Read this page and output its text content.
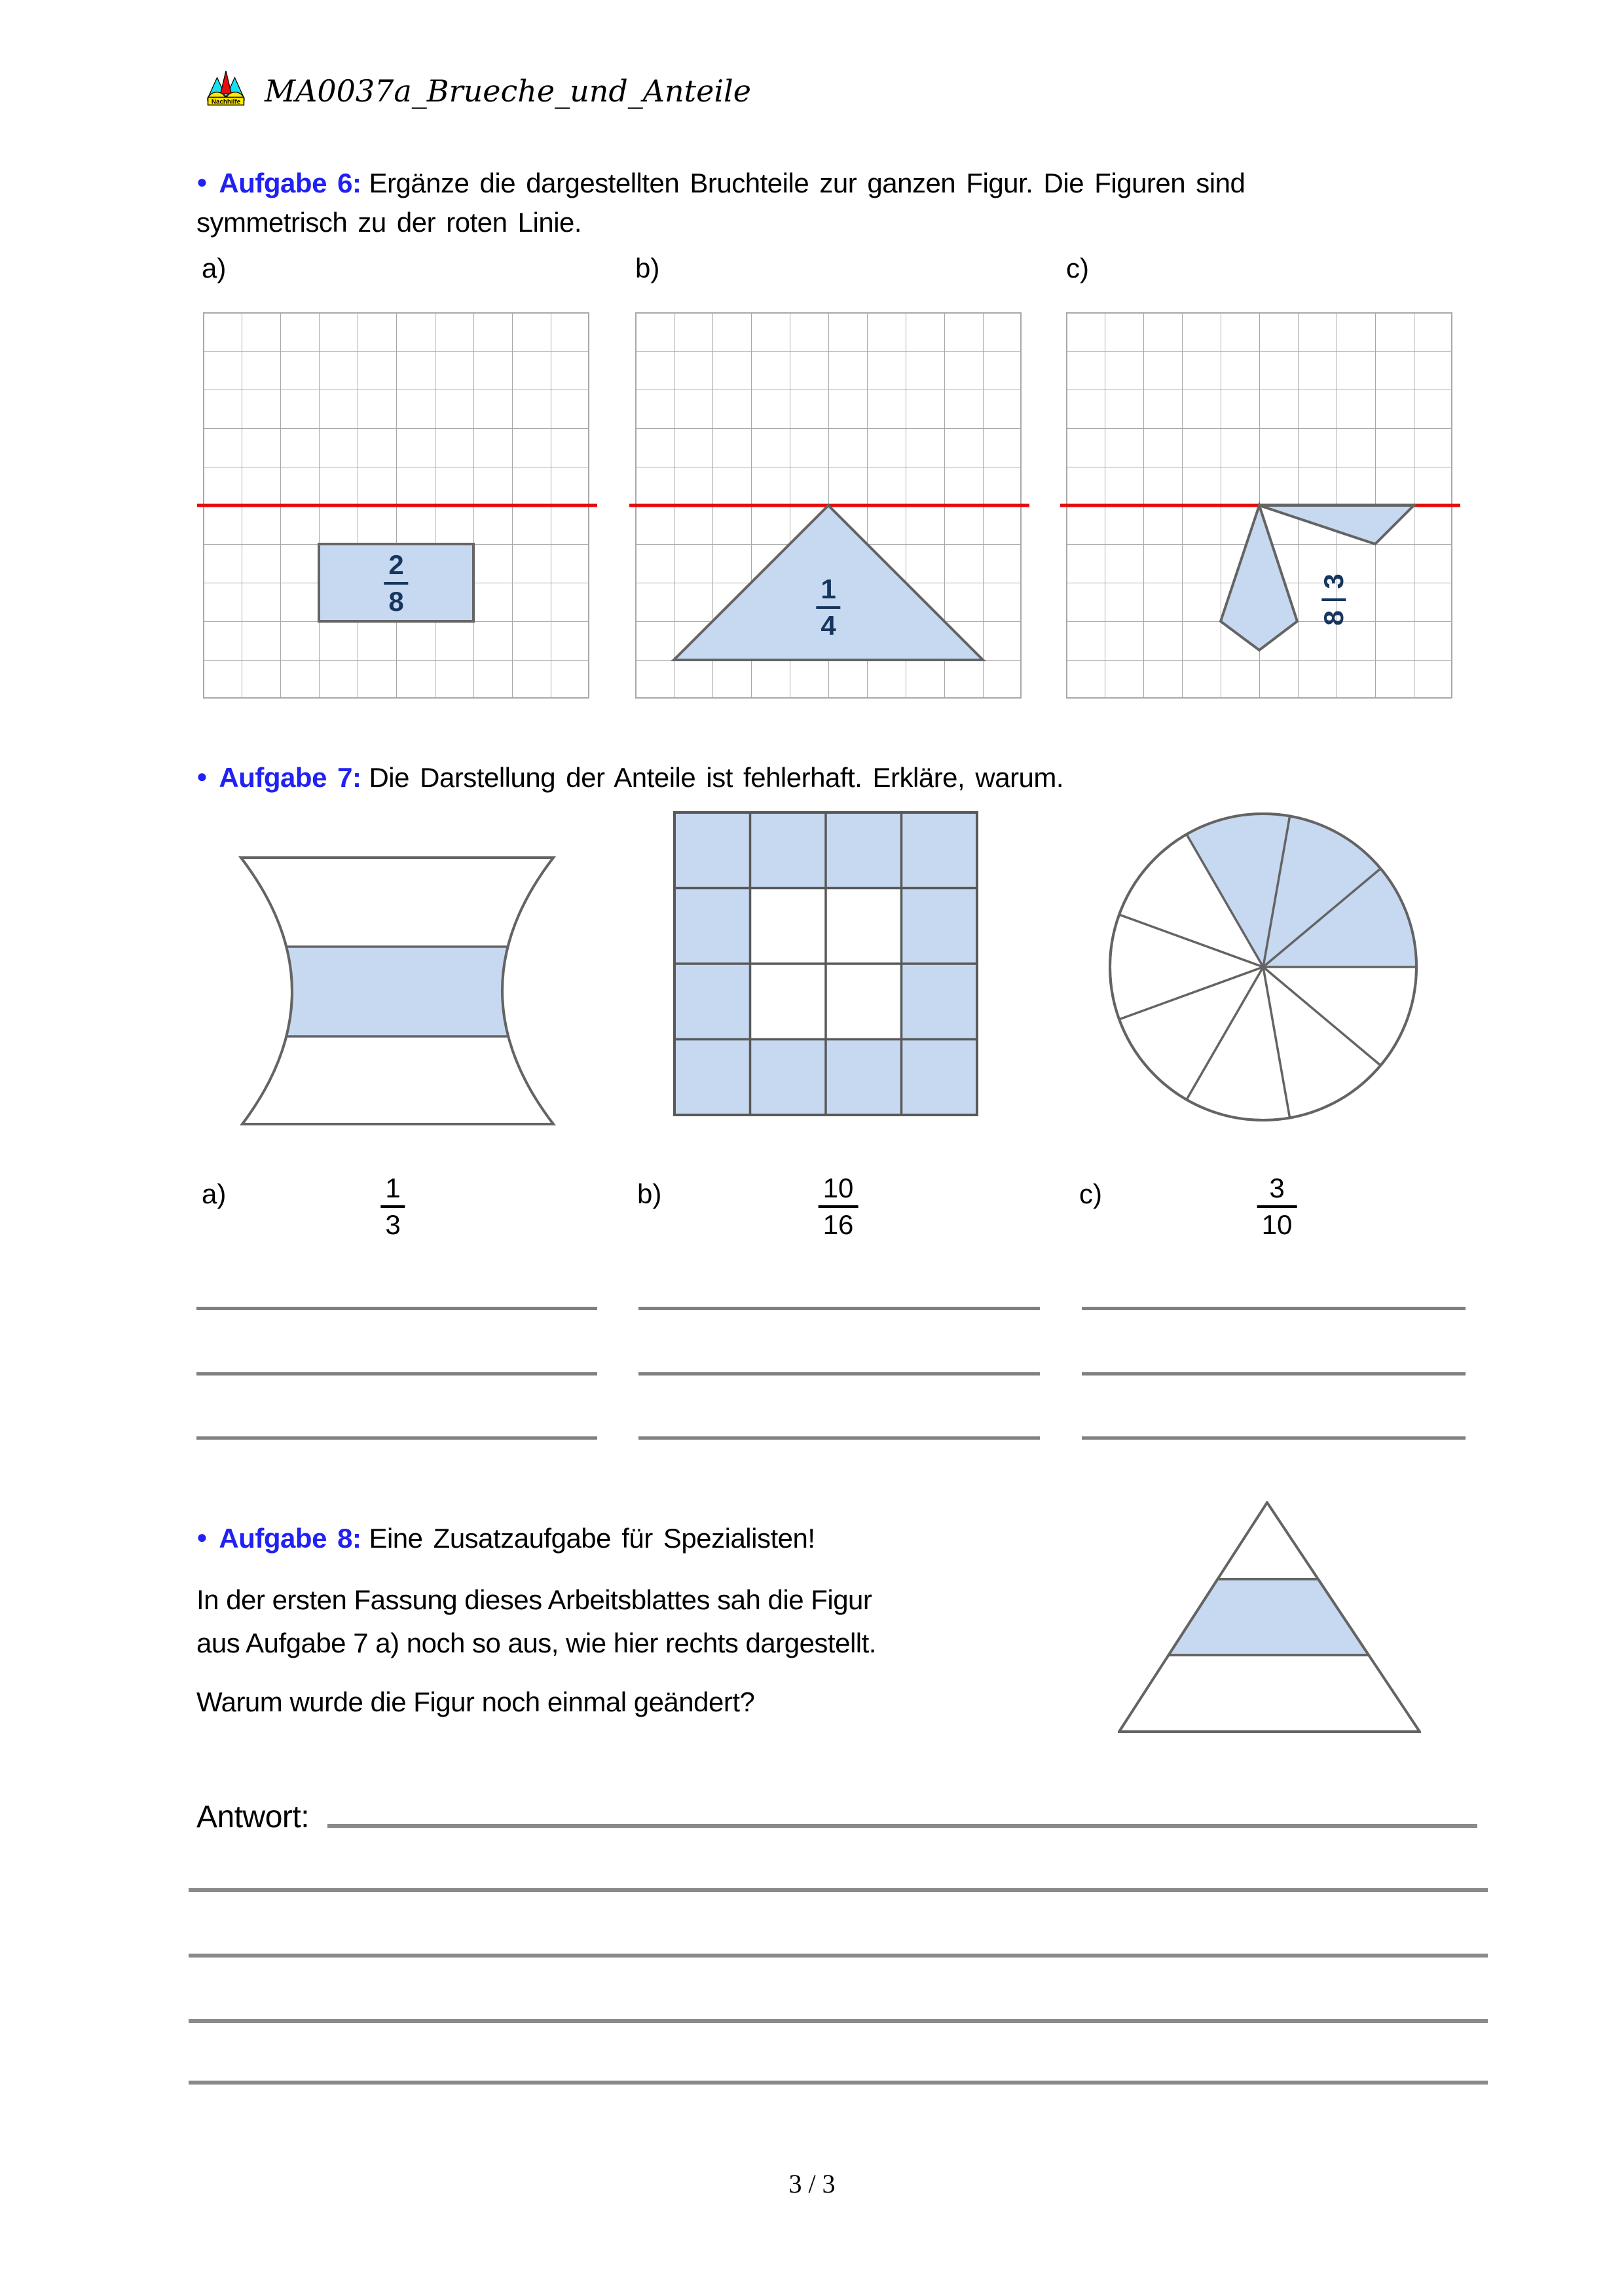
Nachhilfe MA0037a_Brueche_und_Anteile
● Aufgabe 6: Ergänze die dargestellten Bruchteile zur ganzen Figur. Die Figuren sind
symmetrisch zu der roten Linie.
a)	b)	c)
2
8	1
4
3
8
● Aufgabe 7: Die Darstellung der Anteile ist fehlerhaft. Erkläre, warum.
a)	1
3
b)	10
16
c)	3
10
● Aufgabe 8: Eine Zusatzaufgabe für Spezialisten!
In der ersten Fassung dieses Arbeitsblattes sah die Figur
aus Aufgabe 7 a) noch so aus, wie hier rechts dargestellt.
Warum wurde die Figur noch einmal geändert?
Antwort:
3 / 3
